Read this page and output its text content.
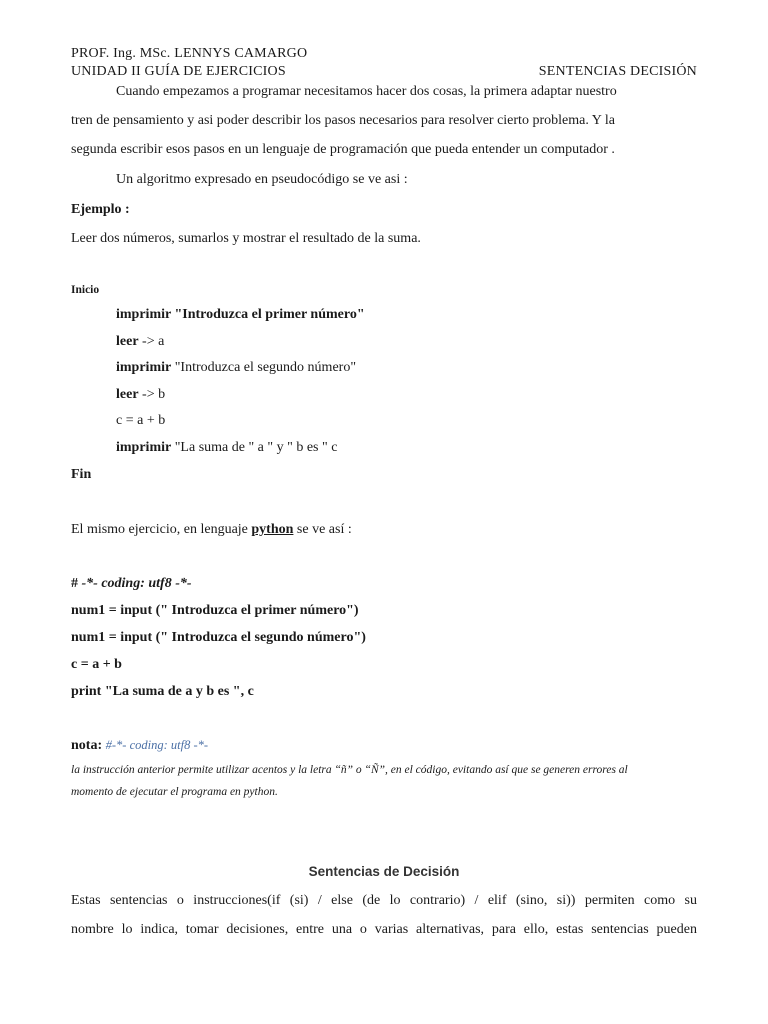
PROF. Ing. MSc. LENNYS CAMARGO
UNIDAD II GUÍA DE EJERCICIOS	SENTENCIAS DECISIÓN
Cuando empezamos a programar necesitamos hacer dos cosas, la primera adaptar nuestro
tren de pensamiento y asi poder describir los pasos necesarios para resolver cierto problema. Y la
segunda escribir esos pasos en un lenguaje de programación que pueda entender un computador .
Un algoritmo expresado en pseudocódigo se ve asi :
Ejemplo :
Leer dos números, sumarlos y mostrar el resultado de la suma.
Inicio
imprimir "Introduzca el primer número"
leer -> a
imprimir "Introduzca el segundo número"
leer -> b
c = a + b
imprimir "La suma de " a " y " b es " c
Fin
El mismo ejercicio, en lenguaje python se ve así :
# -*- coding: utf8 -*-
num1 = input (" Introduzca el primer número")
num1 = input (" Introduzca el segundo número")
c = a + b
print "La suma de a y b es ", c
nota: #-*- coding: utf8 -*-
la instrucción anterior permite utilizar acentos y la letra “ñ” o “Ñ”, en el código, evitando así que se generen errores al
momento de ejecutar el programa en python.
Sentencias de Decisión
Estas sentencias o instrucciones(if (si) / else (de lo contrario) / elif (sino, si)) permiten como su
nombre lo indica, tomar decisiones, entre una o varias alternativas, para ello, estas sentencias pueden
